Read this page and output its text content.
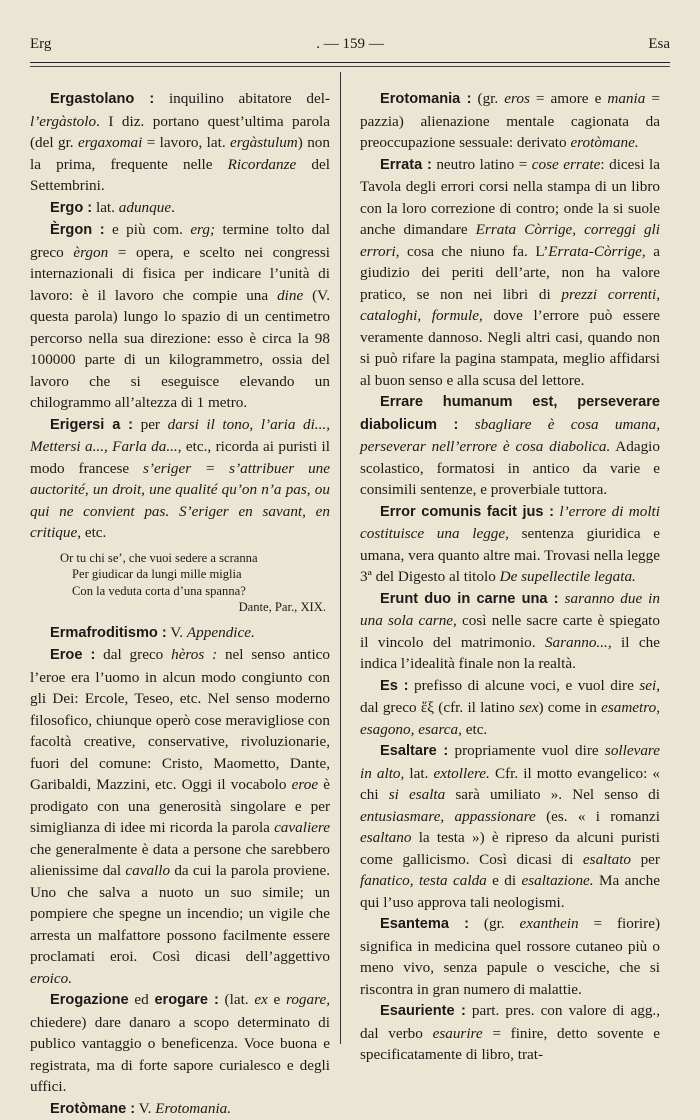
Erg	. — 159 —	Esa

Ergastolano : inquilino abitatore del-l’ergàstolo. I diz. portano quest’ultima parola (del gr. ergaxomai = lavoro, lat. ergàstulum) non la prima, frequente nelle Ricordanze del Settembrini.

Ergo : lat. adunque.

Èrgon : e più com. erg; termine tolto dal greco èrgon = opera, e scelto nei congressi internazionali di fisica per indicare l’unità di lavoro: è il lavoro che compie una dine (V. questa parola) lungo lo spazio di un centimetro percorso nella sua direzione: esso è circa la 98 100000 parte di un kilogrammetro, ossia del lavoro che si eseguisce elevando un chilogrammo all’altezza di 1 metro.

Erigersi a : per darsi il tono, l’aria di..., Mettersi a..., Farla da..., etc., ricorda ai puristi il modo francese s’eriger = s’attribuer une auctorité, un droit, une qualité qu’on n’a pas, ou qui ne convient pas. S’eriger en savant, en critique, etc.

Or tu chi se’, che vuoi sedere a scranna
Per giudicar da lungi mille miglia
Con la veduta corta d’una spanna?
Dante, Par., XIX.

Ermafroditismo : V. Appendice.

Eroe : dal greco hèros : nel senso antico l’eroe era l’uomo in alcun modo congiunto con gli Dei: Ercole, Teseo, etc. Nel senso moderno filosofico, chiunque operò cose meravigliose con facoltà creative, conservative, rivoluzionarie, fuori del comune: Cristo, Maometto, Dante, Garibaldi, Mazzini, etc. Oggi il vocabolo eroe è prodigato con una generosità singolare e per simiglianza di idee mi ricorda la parola cavaliere che generalmente è data a persone che sarebbero alienissime dal cavallo da cui la parola proviene. Uno che salva a nuoto un suo simile; un pompiere che spegne un incendio; un vigile che arresta un malfattore possono facilmente essere proclamati eroi. Così dicasi dell’aggettivo eroico.

Erogazione ed erogare : (lat. ex e rogare, chiedere) dare danaro a scopo determinato di publico vantaggio o beneficenza. Voce buona e registrata, ma di forte sapore curialesco e degli uffici.

Erotòmane : V. Erotomania.

Erotomania : (gr. eros = amore e mania = pazzia) alienazione mentale cagionata da preoccupazione sessuale: derivato erotòmane.

Errata : neutro latino = cose errate: dicesi la Tavola degli errori corsi nella stampa di un libro con la loro correzione di contro; onde la si suole anche dimandare Errata Còrrige, correggi gli errori, cosa che niuno fa. L’Errata-Còrrige, a giudizio dei periti dell’arte, non ha valore pratico, se non nei libri di prezzi correnti, cataloghi, formule, dove l’errore può essere veramente dannoso. Negli altri casi, quando non si può rifare la pagina stampata, meglio affidarsi al buon senso e alla scusa del lettore.

Errare humanum est, perseverare diabolicum : sbagliare è cosa umana, perseverar nell’errore è cosa diabolica. Adagio scolastico, formatosi in antico da varie e consimili sentenze, e proverbiale tuttora.

Error comunis facit jus : l’errore di molti costituisce una legge, sentenza giuridica e umana, vera quanto altre mai. Trovasi nella legge 3ª del Digesto al titolo De supellectile legata.

Erunt duo in carne una : saranno due in una sola carne, così nelle sacre carte è spiegato il vincolo del matrimonio. Saranno..., il che indica l’idealità finale non la realtà.

Es : prefisso di alcune voci, e vuol dire sei, dal greco ἕξ (cfr. il latino sex) come in esametro, esagono, esarca, etc.

Esaltare : propriamente vuol dire sollevare in alto, lat. extollere. Cfr. il motto evangelico: « chi si esalta sarà umiliato ». Nel senso di entusiasmare, appassionare (es. « i romanzi esaltano la testa ») è ripreso da alcuni puristi come gallicismo. Così dicasi di esaltato per fanatico, testa calda e di esaltazione. Ma anche qui l’uso approva tali neologismi.

Esantema : (gr. exanthein = fiorire) significa in medicina quel rossore cutaneo più o meno vivo, senza papule o vesciche, che si riscontra in gran numero di malattie.

Esauriente : part. pres. con valore di agg., dal verbo esaurire = finire, detto sovente e specificatamente di libro, trat-
